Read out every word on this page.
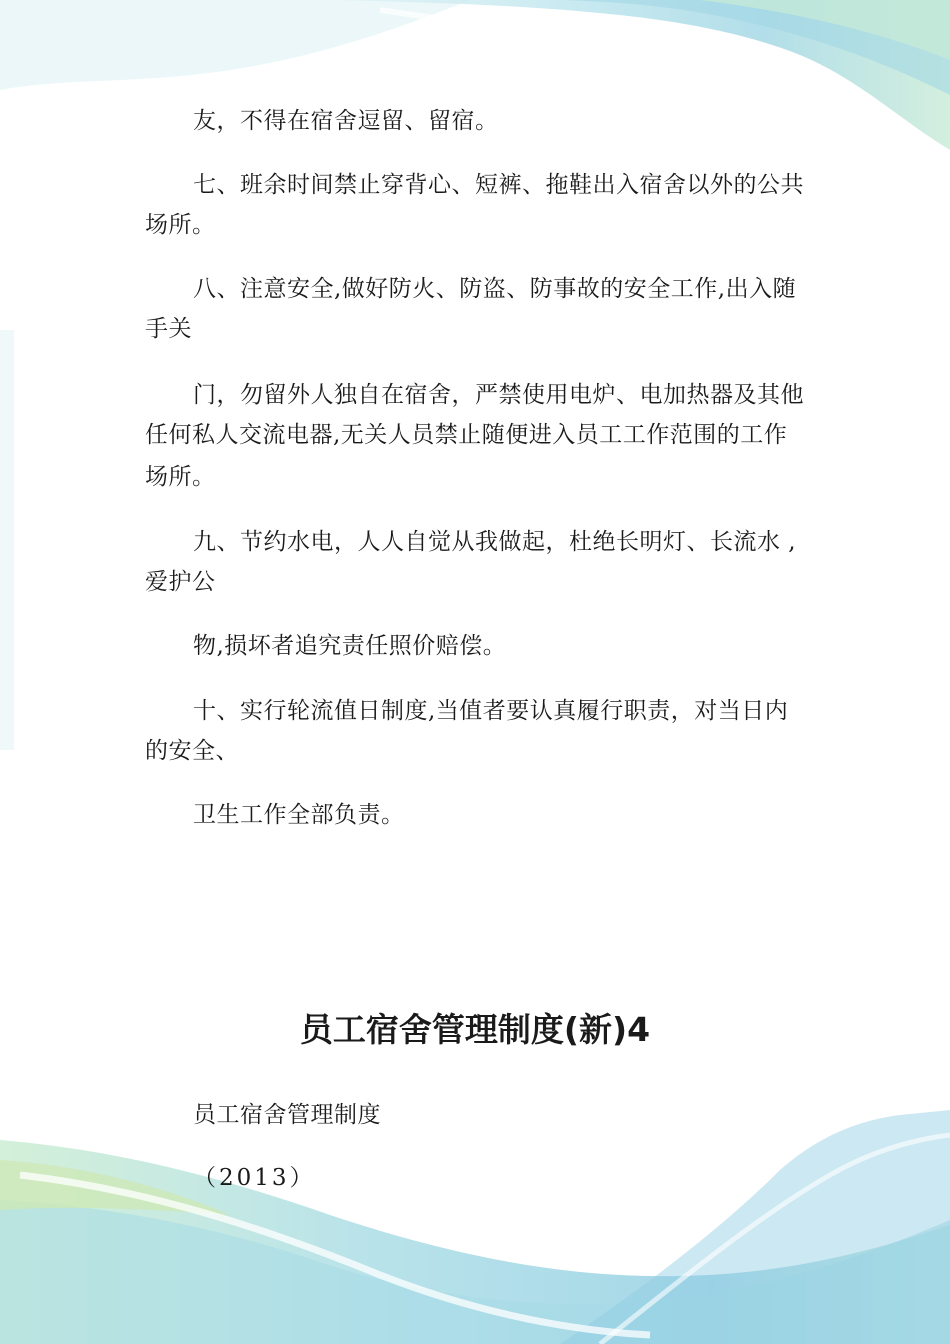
友，不得在宿舍逗留、留宿。
七、班余时间禁止穿背心、短裤、拖鞋出入宿舍以外的公共
场所。
八、注意安全,做好防火、防盗、防事故的安全工作,出入随
手关
门，勿留外人独自在宿舍，严禁使用电炉、电加热器及其他
任何私人交流电器,无关人员禁止随便进入员工工作范围的工作
场所。
九、节约水电，人人自觉从我做起，杜绝长明灯、长流水 ,
爱护公
物,损坏者追究责任照价赔偿。
十、实行轮流值日制度,当值者要认真履行职责，对当日内
的安全、
卫生工作全部负责。
员工宿舍管理制度(新)4
员工宿舍管理制度
（2013）
